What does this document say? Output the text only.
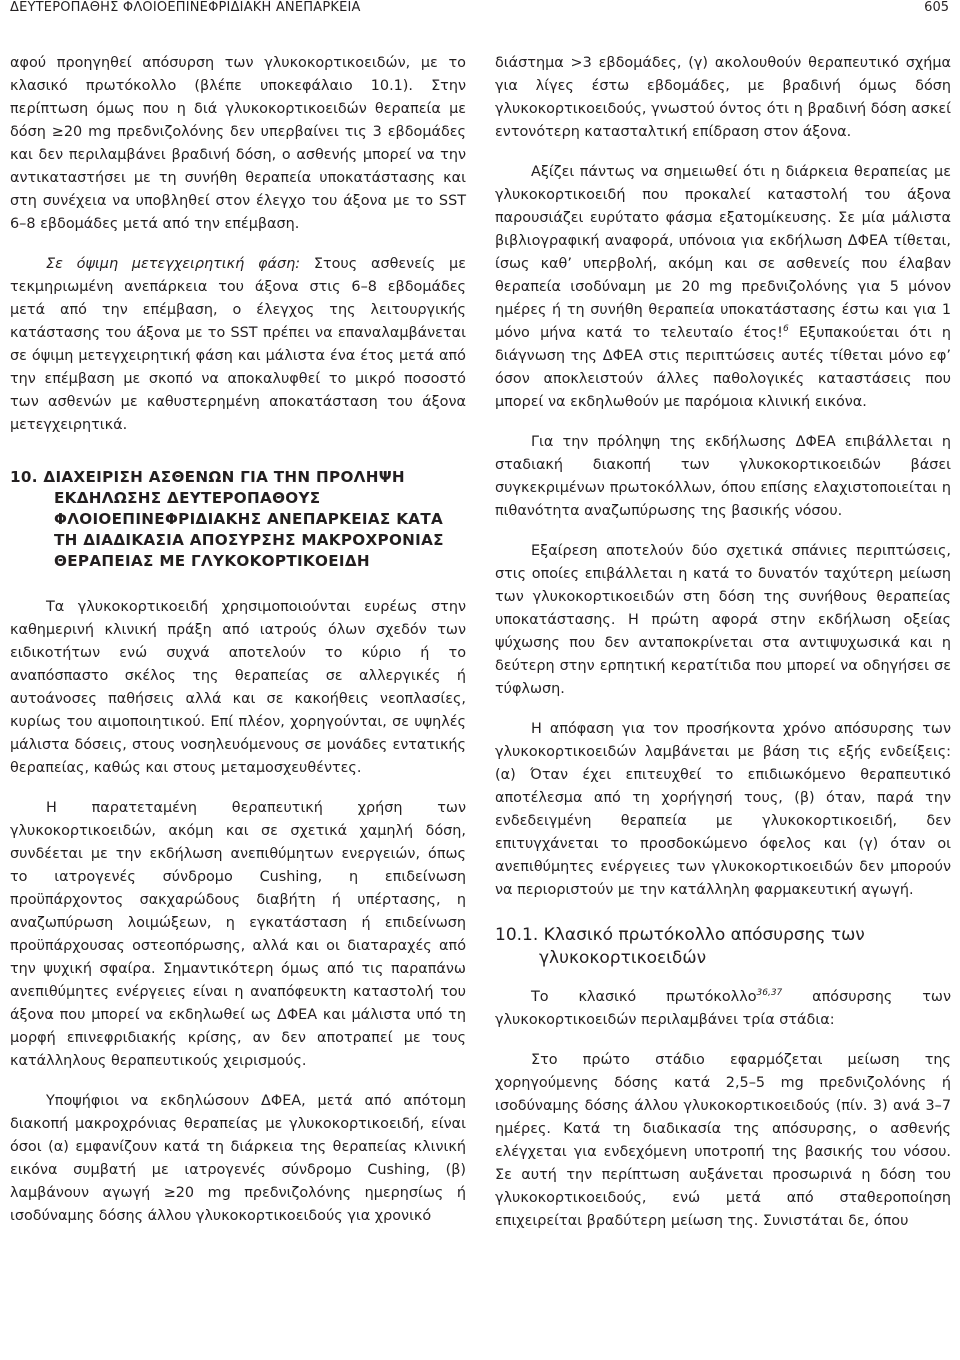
ΔΕΥΤΕΡΟΠΑΘΗΣ ΦΛΟΙΟΕΠΙΝΕΦΡΙΔΙΑΚΗ ΑΝΕΠΑΡΚΕΙΑ	605

αφού προηγηθεί απόσυρση των γλυκοκορτικοειδών, με το κλασικό πρωτόκολλο (βλέπε υποκεφάλαιο 10.1). Στην περίπτωση όμως που η διά γλυκοκορτικοειδών θεραπεία με δόση ≥20 mg πρεδνιζολόνης δεν υπερβαίνει τις 3 εβδομάδες και δεν περιλαμβάνει βραδινή δόση, ο ασθενής μπορεί να την αντικαταστήσει με τη συνήθη θεραπεία υποκατάστασης και στη συνέχεια να υποβληθεί στον έλεγχο του άξονα με το SST 6–8 εβδομάδες μετά από την επέμβαση.

Σε όψιμη μετεγχειρητική φάση: Στους ασθενείς με τεκμηριωμένη ανεπάρκεια του άξονα στις 6–8 εβδομάδες μετά από την επέμβαση, ο έλεγχος της λειτουργικής κατάστασης του άξονα με το SST πρέπει να επαναλαμβάνεται σε όψιμη μετεγχειρητική φάση και μάλιστα ένα έτος μετά από την επέμβαση με σκοπό να αποκαλυφθεί το μικρό ποσοστό των ασθενών με καθυστερημένη αποκατάσταση του άξονα μετεγχειρητικά.

10. ΔΙΑΧΕΙΡΙΣΗ ΑΣΘΕΝΩΝ ΓΙΑ ΤΗΝ ΠΡΟΛΗΨΗ ΕΚΔΗΛΩΣΗΣ ΔΕΥΤΕΡΟΠΑΘΟΥΣ ΦΛΟΙΟΕΠΙΝΕΦΡΙΔΙΑΚΗΣ ΑΝΕΠΑΡΚΕΙΑΣ ΚΑΤΑ ΤΗ ΔΙΑΔΙΚΑΣΙΑ ΑΠΟΣΥΡΣΗΣ ΜΑΚΡΟΧΡΟΝΙΑΣ ΘΕΡΑΠΕΙΑΣ ΜΕ ΓΛΥΚΟΚΟΡΤΙΚΟΕΙΔΗ

Τα γλυκοκορτικοειδή χρησιμοποιούνται ευρέως στην καθημερινή κλινική πράξη από ιατρούς όλων σχεδόν των ειδικοτήτων ενώ συχνά αποτελούν το κύριο ή το αναπόσπαστο σκέλος της θεραπείας σε αλλεργικές ή αυτοάνοσες παθήσεις αλλά και σε κακοήθεις νεοπλασίες, κυρίως του αιμοποιητικού. Επί πλέον, χορηγούνται, σε υψηλές μάλιστα δόσεις, στους νοσηλευόμενους σε μονάδες εντατικής θεραπείας, καθώς και στους μεταμοσχευθέντες.

Η παρατεταμένη θεραπευτική χρήση των γλυκοκορτικοειδών, ακόμη και σε σχετικά χαμηλή δόση, συνδέεται με την εκδήλωση ανεπιθύμητων ενεργειών, όπως το ιατρογενές σύνδρομο Cushing, η επιδείνωση προϋπάρχοντος σακχαρώδους διαβήτη ή υπέρτασης, η αναζωπύρωση λοιμώξεων, η εγκατάσταση ή επιδείνωση προϋπάρχουσας οστεοπόρωσης, αλλά και οι διαταραχές από την ψυχική σφαίρα. Σημαντικότερη όμως από τις παραπάνω ανεπιθύμητες ενέργειες είναι η αναπόφευκτη καταστολή του άξονα που μπορεί να εκδηλωθεί ως ΔΦΕΑ και μάλιστα υπό τη μορφή επινεφριδιακής κρίσης, αν δεν αποτραπεί με τους κατάλληλους θεραπευτικούς χειρισμούς.

Υποψήφιοι να εκδηλώσουν ΔΦΕΑ, μετά από απότομη διακοπή μακροχρόνιας θεραπείας με γλυκοκορτικοειδή, είναι όσοι (α) εμφανίζουν κατά τη διάρκεια της θεραπείας κλινική εικόνα συμβατή με ιατρογενές σύνδρομο Cushing, (β) λαμβάνουν αγωγή ≥20 mg πρεδνιζολόνης ημερησίως ή ισοδύναμης δόσης άλλου γλυκοκορτικοειδούς για χρονικό

διάστημα >3 εβδομάδες, (γ) ακολουθούν θεραπευτικό σχήμα για λίγες έστω εβδομάδες, με βραδινή όμως δόση γλυκοκορτικοειδούς, γνωστού όντος ότι η βραδινή δόση ασκεί εντονότερη κατασταλτική επίδραση στον άξονα.

Αξίζει πάντως να σημειωθεί ότι η διάρκεια θεραπείας με γλυκοκορτικοειδή που προκαλεί καταστολή του άξονα παρουσιάζει ευρύτατο φάσμα εξατομίκευσης. Σε μία μάλιστα βιβλιογραφική αναφορά, υπόνοια για εκδήλωση ΔΦΕΑ τίθεται, ίσως καθ’ υπερβολή, ακόμη και σε ασθενείς που έλαβαν θεραπεία ισοδύναμη με 20 mg πρεδνιζολόνης για 5 μόνον ημέρες ή τη συνήθη θεραπεία υποκατάστασης έστω και για 1 μόνο μήνα κατά το τελευταίο έτος!$^6$ Εξυπακούεται ότι η διάγνωση της ΔΦΕΑ στις περιπτώσεις αυτές τίθεται μόνο εφ’ όσον αποκλειστούν άλλες παθολογικές καταστάσεις που μπορεί να εκδηλωθούν με παρόμοια κλινική εικόνα.

Για την πρόληψη της εκδήλωσης ΔΦΕΑ επιβάλλεται η σταδιακή διακοπή των γλυκοκορτικοειδών βάσει συγκεκριμένων πρωτοκόλλων, όπου επίσης ελαχιστοποιείται η πιθανότητα αναζωπύρωσης της βασικής νόσου.

Εξαίρεση αποτελούν δύο σχετικά σπάνιες περιπτώσεις, στις οποίες επιβάλλεται η κατά το δυνατόν ταχύτερη μείωση των γλυκοκορτικοειδών στη δόση της συνήθους θεραπείας υποκατάστασης. Η πρώτη αφορά στην εκδήλωση οξείας ψύχωσης που δεν ανταποκρίνεται στα αντιψυχωσικά και η δεύτερη στην ερπητική κερατίτιδα που μπορεί να οδηγήσει σε τύφλωση.

Η απόφαση για τον προσήκοντα χρόνο απόσυρσης των γλυκοκορτικοειδών λαμβάνεται με βάση τις εξής ενδείξεις: (α) Όταν έχει επιτευχθεί το επιδιωκόμενο θεραπευτικό αποτέλεσμα από τη χορήγησή τους, (β) όταν, παρά την ενδεδειγμένη θεραπεία με γλυκοκορτικοειδή, δεν επιτυγχάνεται το προσδοκώμενο όφελος και (γ) όταν οι ανεπιθύμητες ενέργειες των γλυκοκορτικοειδών δεν μπορούν να περιοριστούν με την κατάλληλη φαρμακευτική αγωγή.

10.1. Κλασικό πρωτόκολλο απόσυρσης των γλυκοκορτικοειδών

Το κλασικό πρωτόκολλο$^{36,37}$ απόσυρσης των γλυκοκορτικοειδών περιλαμβάνει τρία στάδια:

Στο πρώτο στάδιο εφαρμόζεται μείωση της χορηγούμενης δόσης κατά 2,5–5 mg πρεδνιζολόνης ή ισοδύναμης δόσης άλλου γλυκοκορτικοειδούς (πίν. 3) ανά 3–7 ημέρες. Κατά τη διαδικασία της απόσυρσης, ο ασθενής ελέγχεται για ενδεχόμενη υποτροπή της βασικής του νόσου. Σε αυτή την περίπτωση αυξάνεται προσωρινά η δόση του γλυκοκορτικοειδούς, ενώ μετά από σταθεροποίηση επιχειρείται βραδύτερη μείωση της. Συνιστάται δε, όπου
